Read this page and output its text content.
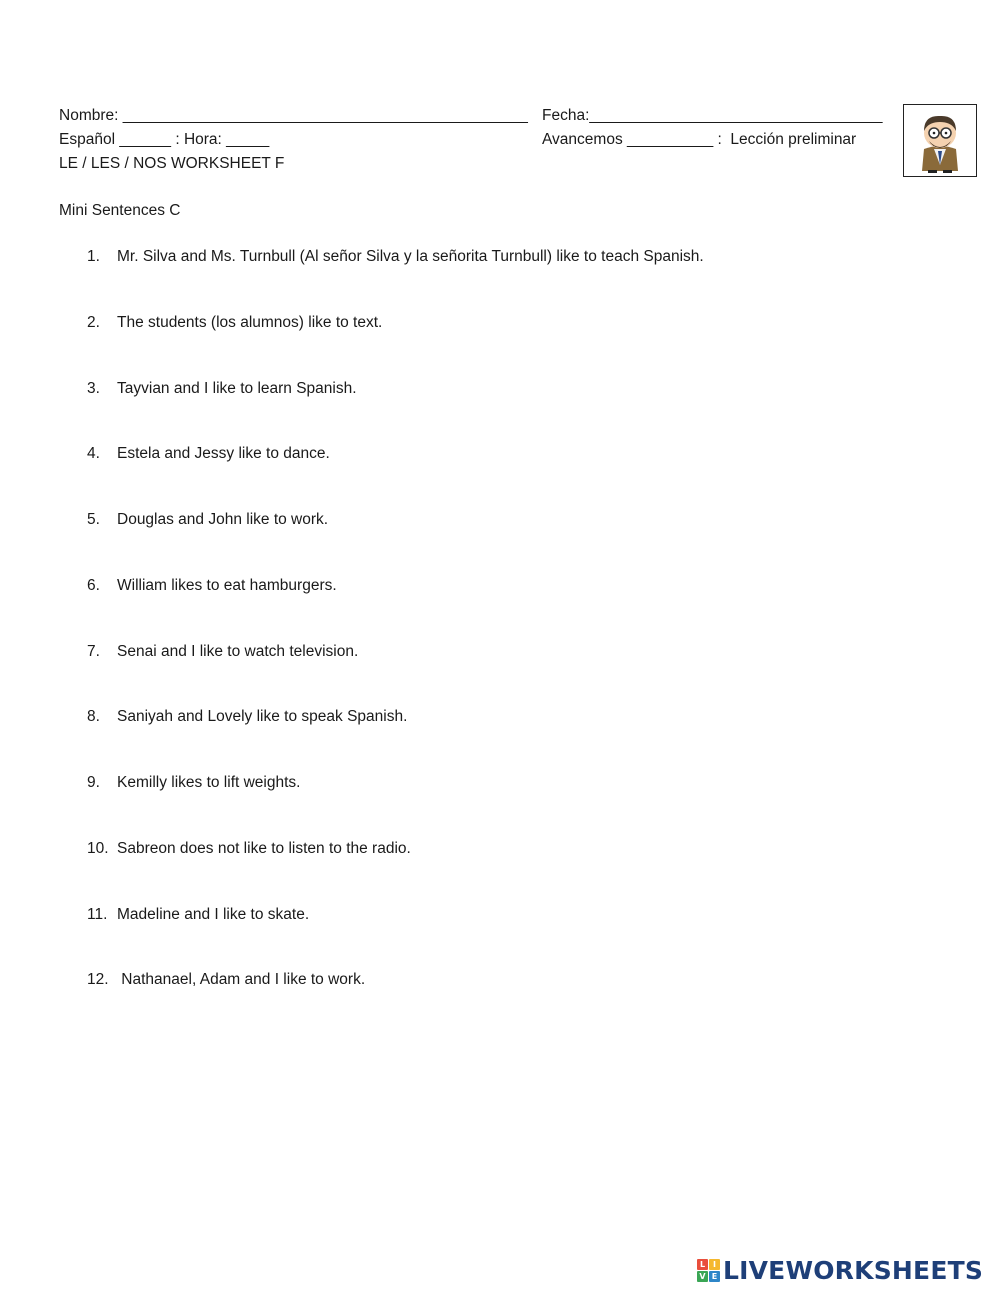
Nombre: _______________________________________________ Fecha:__________________________________
Español ______ : Hora: _____	Avancemos __________ :  Lección preliminar
LE / LES / NOS WORKSHEET F
Mini Sentences C
1. Mr. Silva and Ms. Turnbull (Al señor Silva y la señorita Turnbull) like to teach Spanish.
2. The students (los alumnos) like to text.
3. Tayvian and I like to learn Spanish.
4. Estela and Jessy like to dance.
5. Douglas and John like to work.
6. William likes to eat hamburgers.
7. Senai and I like to watch television.
8. Saniyah and Lovely like to speak Spanish.
9. Kemilly likes to lift weights.
10. Sabreon does not like to listen to the radio.
11. Madeline and I like to skate.
12. Nathanael, Adam and I like to work.
L I
V E LIVEWORKSHEETS
